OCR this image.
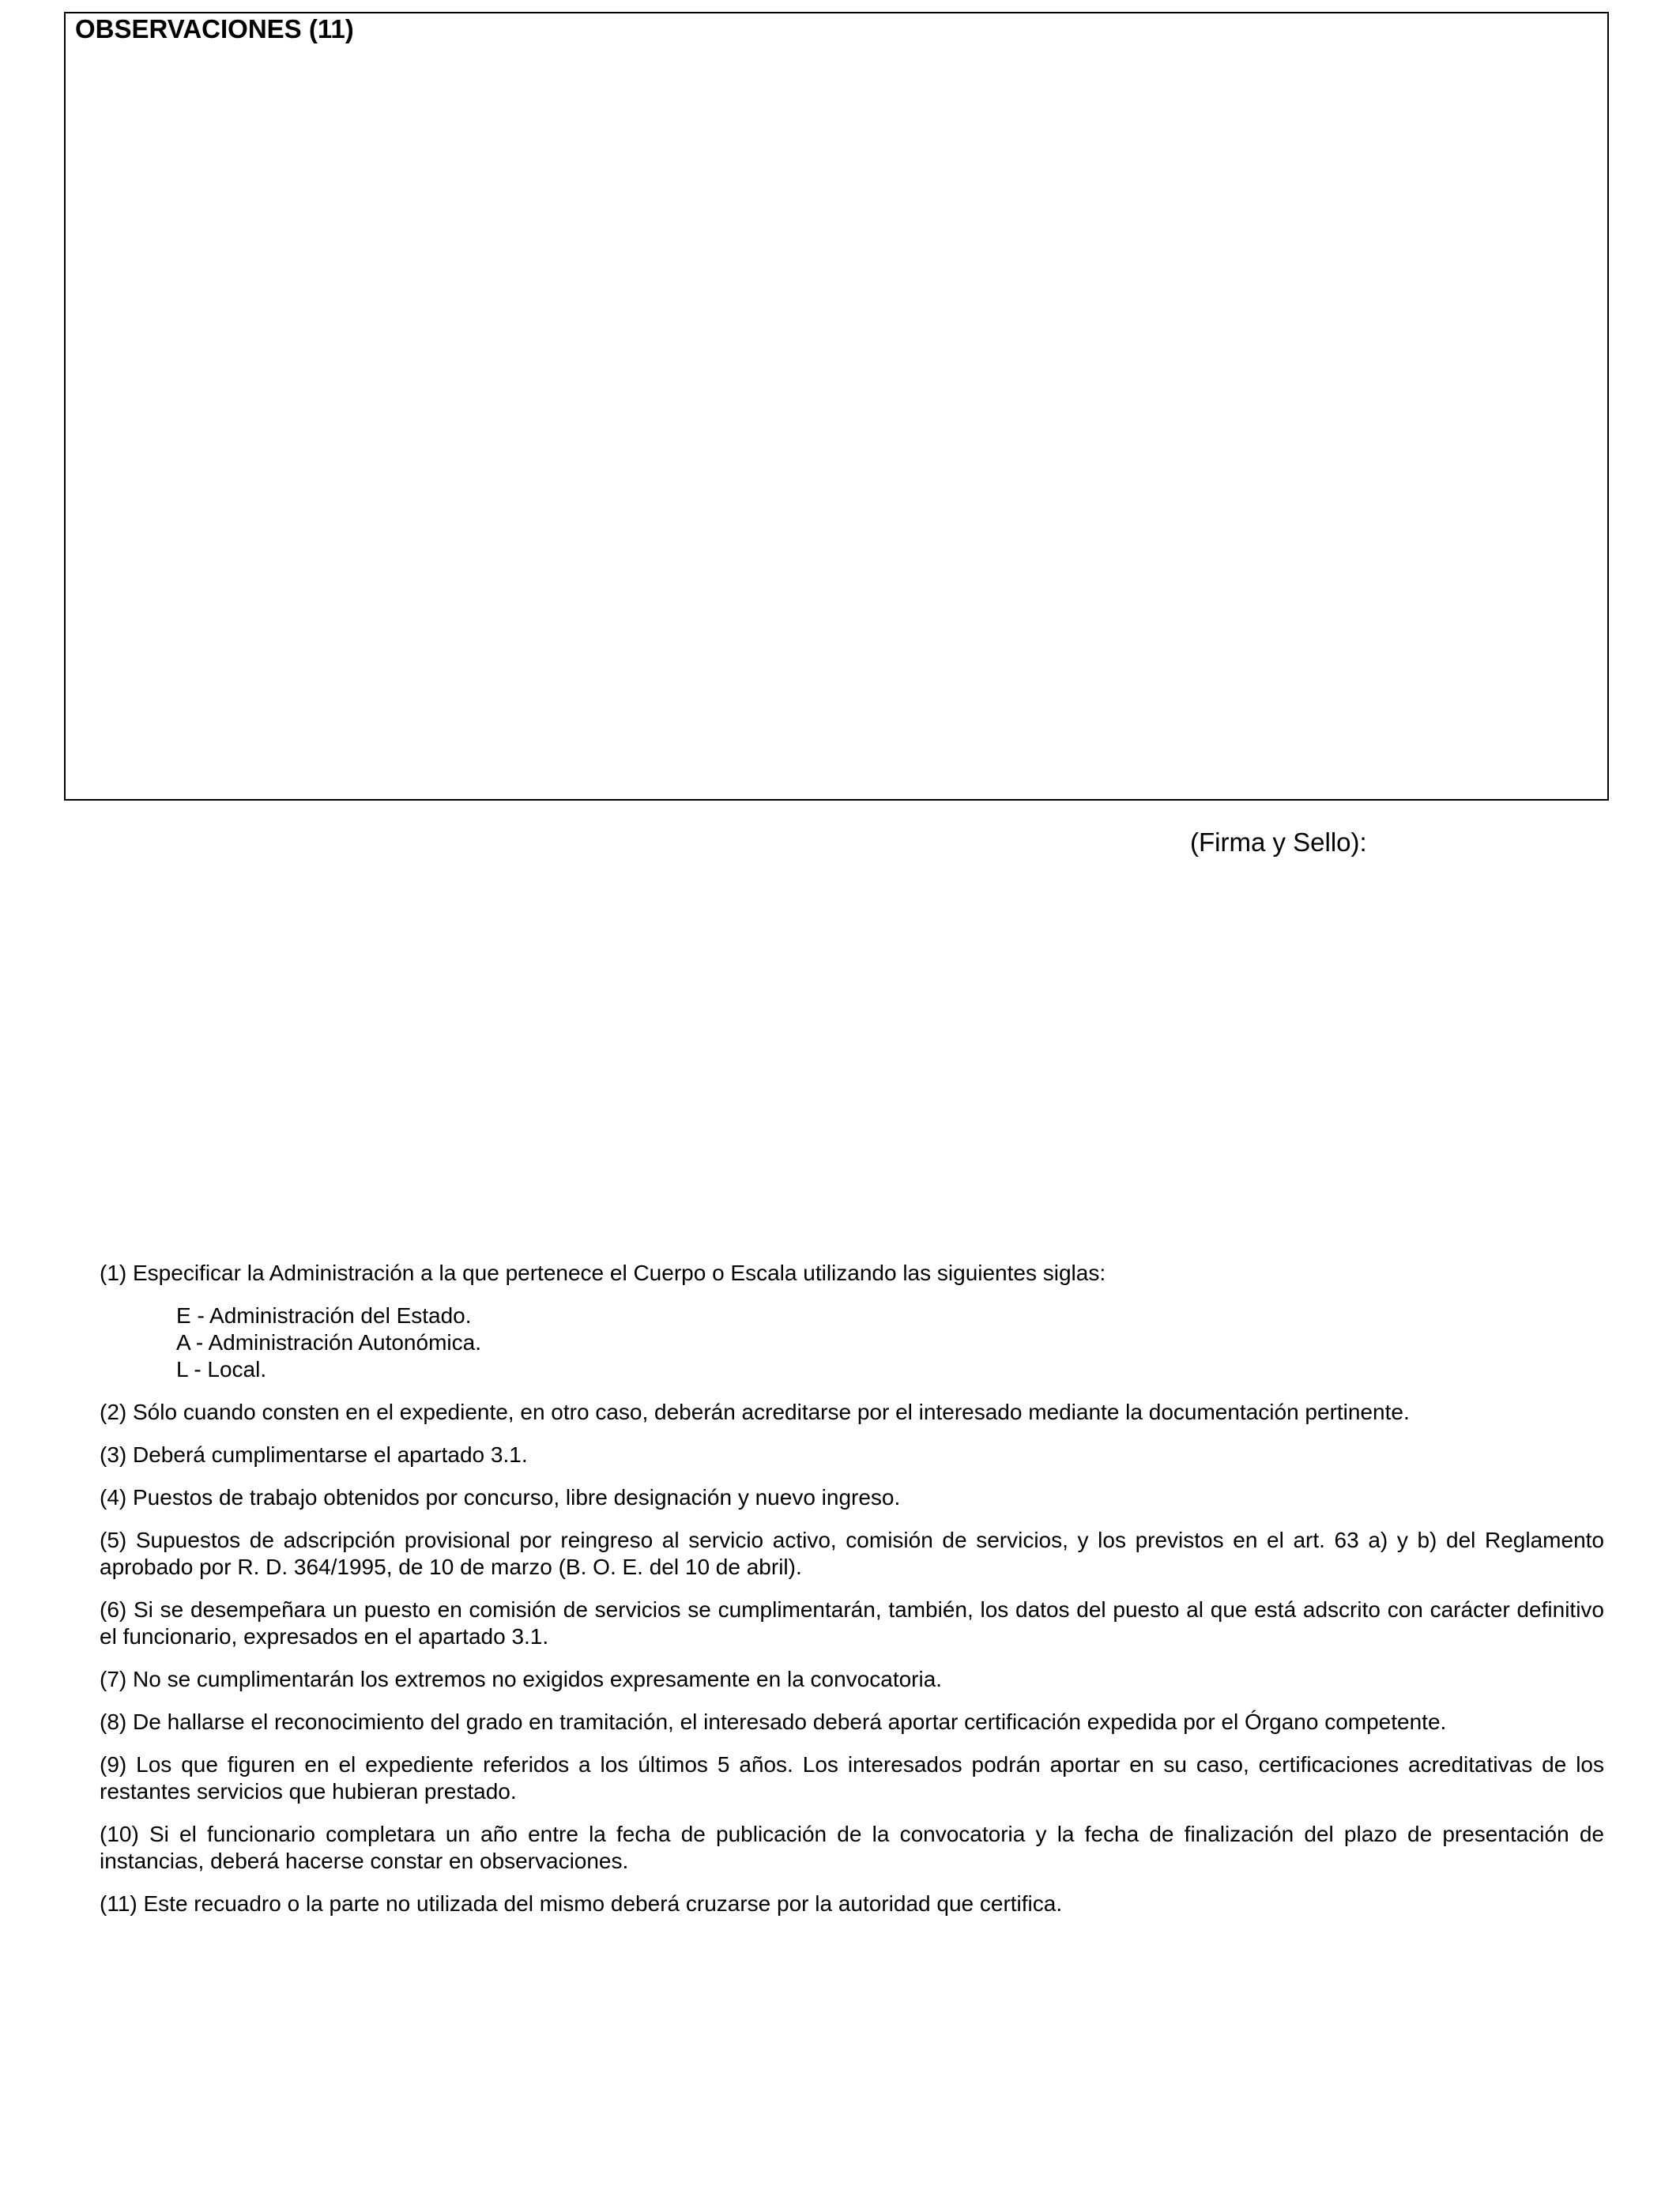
OBSERVACIONES (11)

(Firma y Sello):

(1) Especificar la Administración a la que pertenece el Cuerpo o Escala utilizando las siguientes siglas:

E - Administración del Estado.
A - Administración Autonómica.
L - Local.

(2) Sólo cuando consten en el expediente, en otro caso, deberán acreditarse por el interesado mediante la documentación pertinente.

(3) Deberá cumplimentarse el apartado 3.1.

(4) Puestos de trabajo obtenidos por concurso, libre designación y nuevo ingreso.

(5) Supuestos de adscripción provisional por reingreso al servicio activo, comisión de servicios, y los previstos en el art. 63 a) y b) del Reglamento aprobado por R. D. 364/1995, de 10 de marzo (B. O. E. del 10 de abril).

(6) Si se desempeñara un puesto en comisión de servicios se cumplimentarán, también, los datos del puesto al que está adscrito con carácter definitivo el funcionario, expresados en el apartado 3.1.

(7) No se cumplimentarán los extremos no exigidos expresamente en la convocatoria.

(8) De hallarse el reconocimiento del grado en tramitación, el interesado deberá aportar certificación expedida por el Órgano competente.

(9) Los que figuren en el expediente referidos a los últimos 5 años. Los interesados podrán aportar en su caso, certificaciones acreditativas de los restantes servicios que hubieran prestado.

(10) Si el funcionario completara un año entre la fecha de publicación de la convocatoria y la fecha de finalización del plazo de presentación de instancias, deberá hacerse constar en observaciones.

(11) Este recuadro o la parte no utilizada del mismo deberá cruzarse por la autoridad que certifica.
